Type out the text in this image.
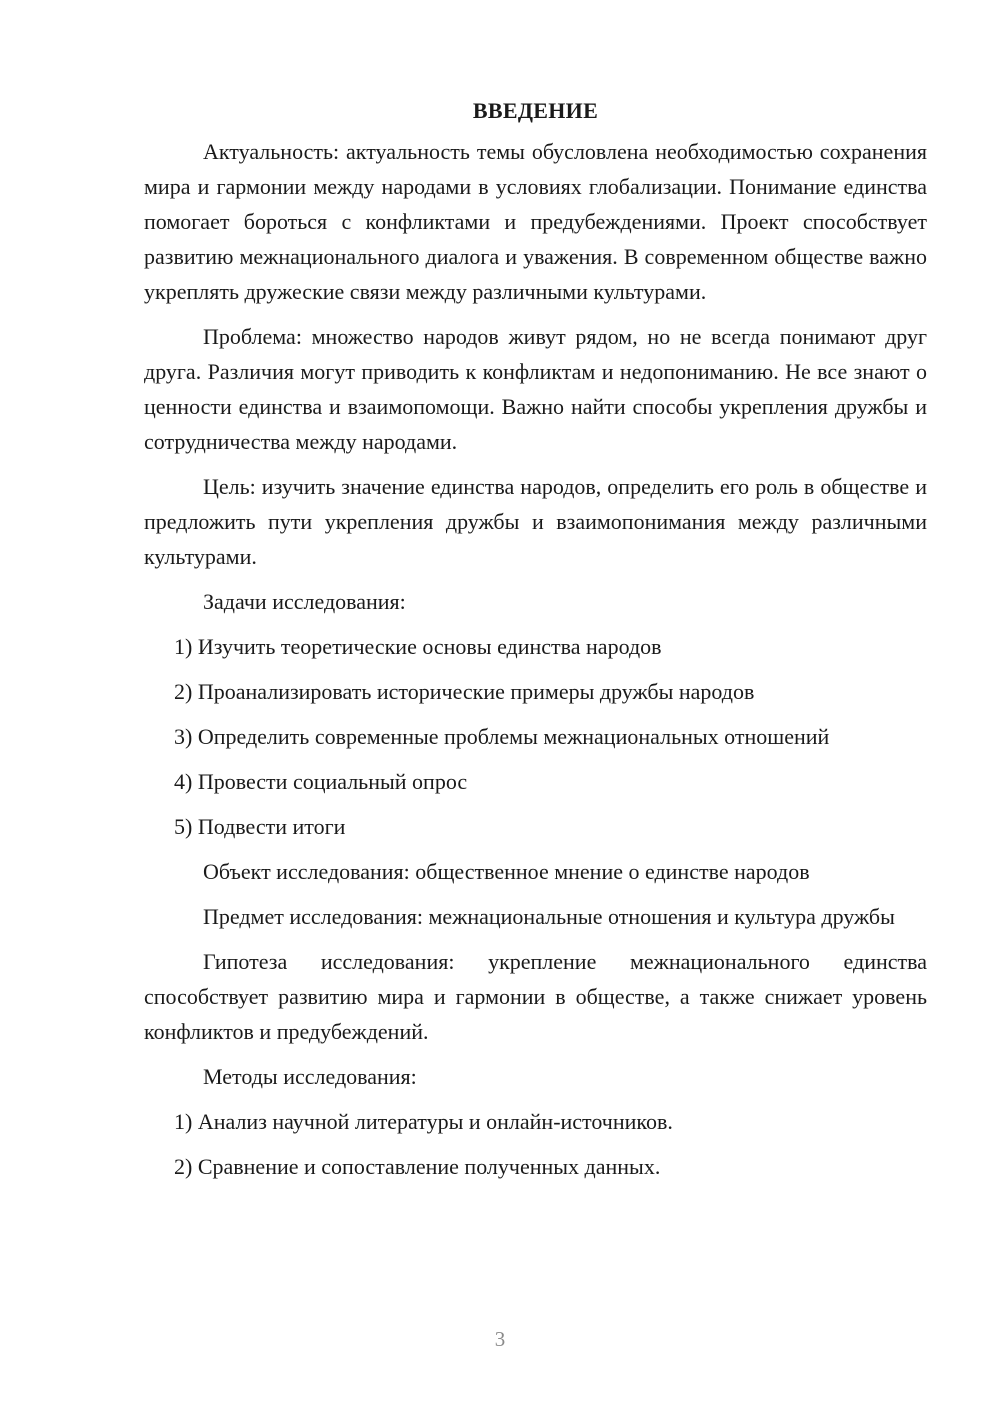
ВВЕДЕНИЕ

Актуальность: актуальность темы обусловлена необходимостью сохранения мира и гармонии между народами в условиях глобализации. Понимание единства помогает бороться с конфликтами и предубеждениями. Проект способствует развитию межнационального диалога и уважения. В современном обществе важно укреплять дружеские связи между различными культурами.

Проблема: множество народов живут рядом, но не всегда понимают друг друга. Различия могут приводить к конфликтам и недопониманию. Не все знают о ценности единства и взаимопомощи. Важно найти способы укрепления дружбы и сотрудничества между народами.

Цель: изучить значение единства народов, определить его роль в обществе и предложить пути укрепления дружбы и взаимопонимания между различными культурами.

Задачи исследования:

1) Изучить теоретические основы единства народов
2) Проанализировать исторические примеры дружбы народов
3) Определить современные проблемы межнациональных отношений
4) Провести социальный опрос
5) Подвести итоги

Объект исследования: общественное мнение о единстве народов

Предмет исследования: межнациональные отношения и культура дружбы

Гипотеза исследования: укрепление межнационального единства способствует развитию мира и гармонии в обществе, а также снижает уровень конфликтов и предубеждений.

Методы исследования:

1) Анализ научной литературы и онлайн-источников.
2) Сравнение и сопоставление полученных данных.
3
